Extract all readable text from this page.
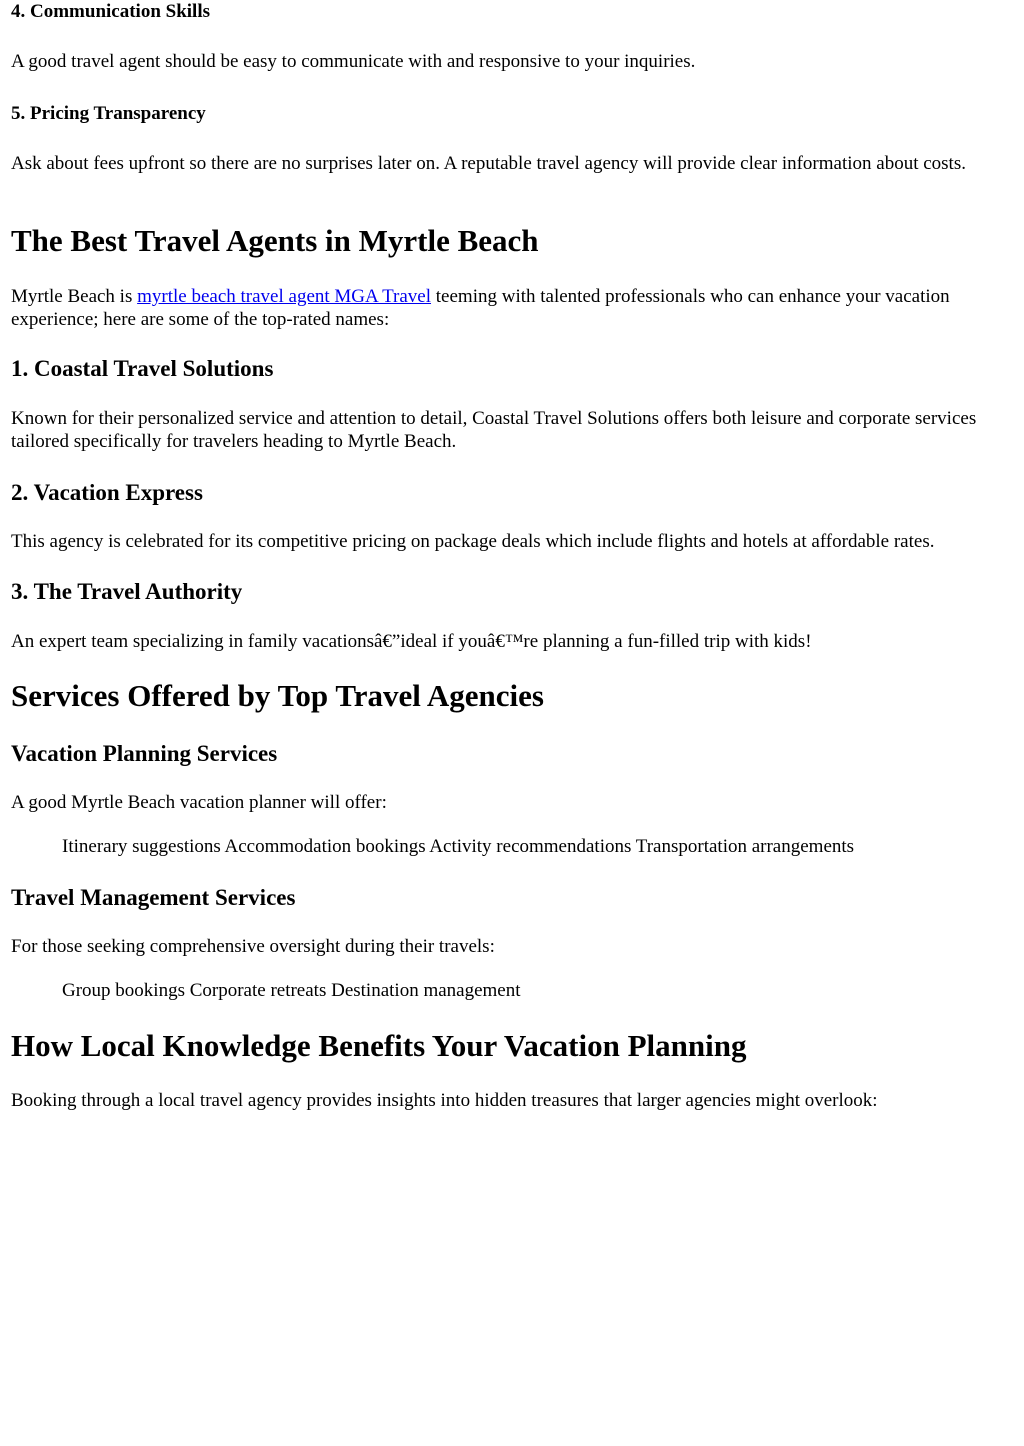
4. Communication Skills

A good travel agent should be easy to communicate with and responsive to your inquiries.

5. Pricing Transparency

Ask about fees upfront so there are no surprises later on. A reputable travel agency will provide clear information about costs.

The Best Travel Agents in Myrtle Beach

Myrtle Beach is myrtle beach travel agent MGA Travel teeming with talented professionals who can enhance your vacation experience; here are some of the top-rated names:

1. Coastal Travel Solutions

Known for their personalized service and attention to detail, Coastal Travel Solutions offers both leisure and corporate services tailored specifically for travelers heading to Myrtle Beach.

2. Vacation Express

This agency is celebrated for its competitive pricing on package deals which include flights and hotels at affordable rates.

3. The Travel Authority

An expert team specializing in family vacationsâ€”ideal if youâ€™re planning a fun-filled trip with kids!

Services Offered by Top Travel Agencies
Vacation Planning Services

A good Myrtle Beach vacation planner will offer:

Itinerary suggestions Accommodation bookings Activity recommendations Transportation arrangements

Travel Management Services

For those seeking comprehensive oversight during their travels:

Group bookings Corporate retreats Destination management

How Local Knowledge Benefits Your Vacation Planning

Booking through a local travel agency provides insights into hidden treasures that larger agencies might overlook:
